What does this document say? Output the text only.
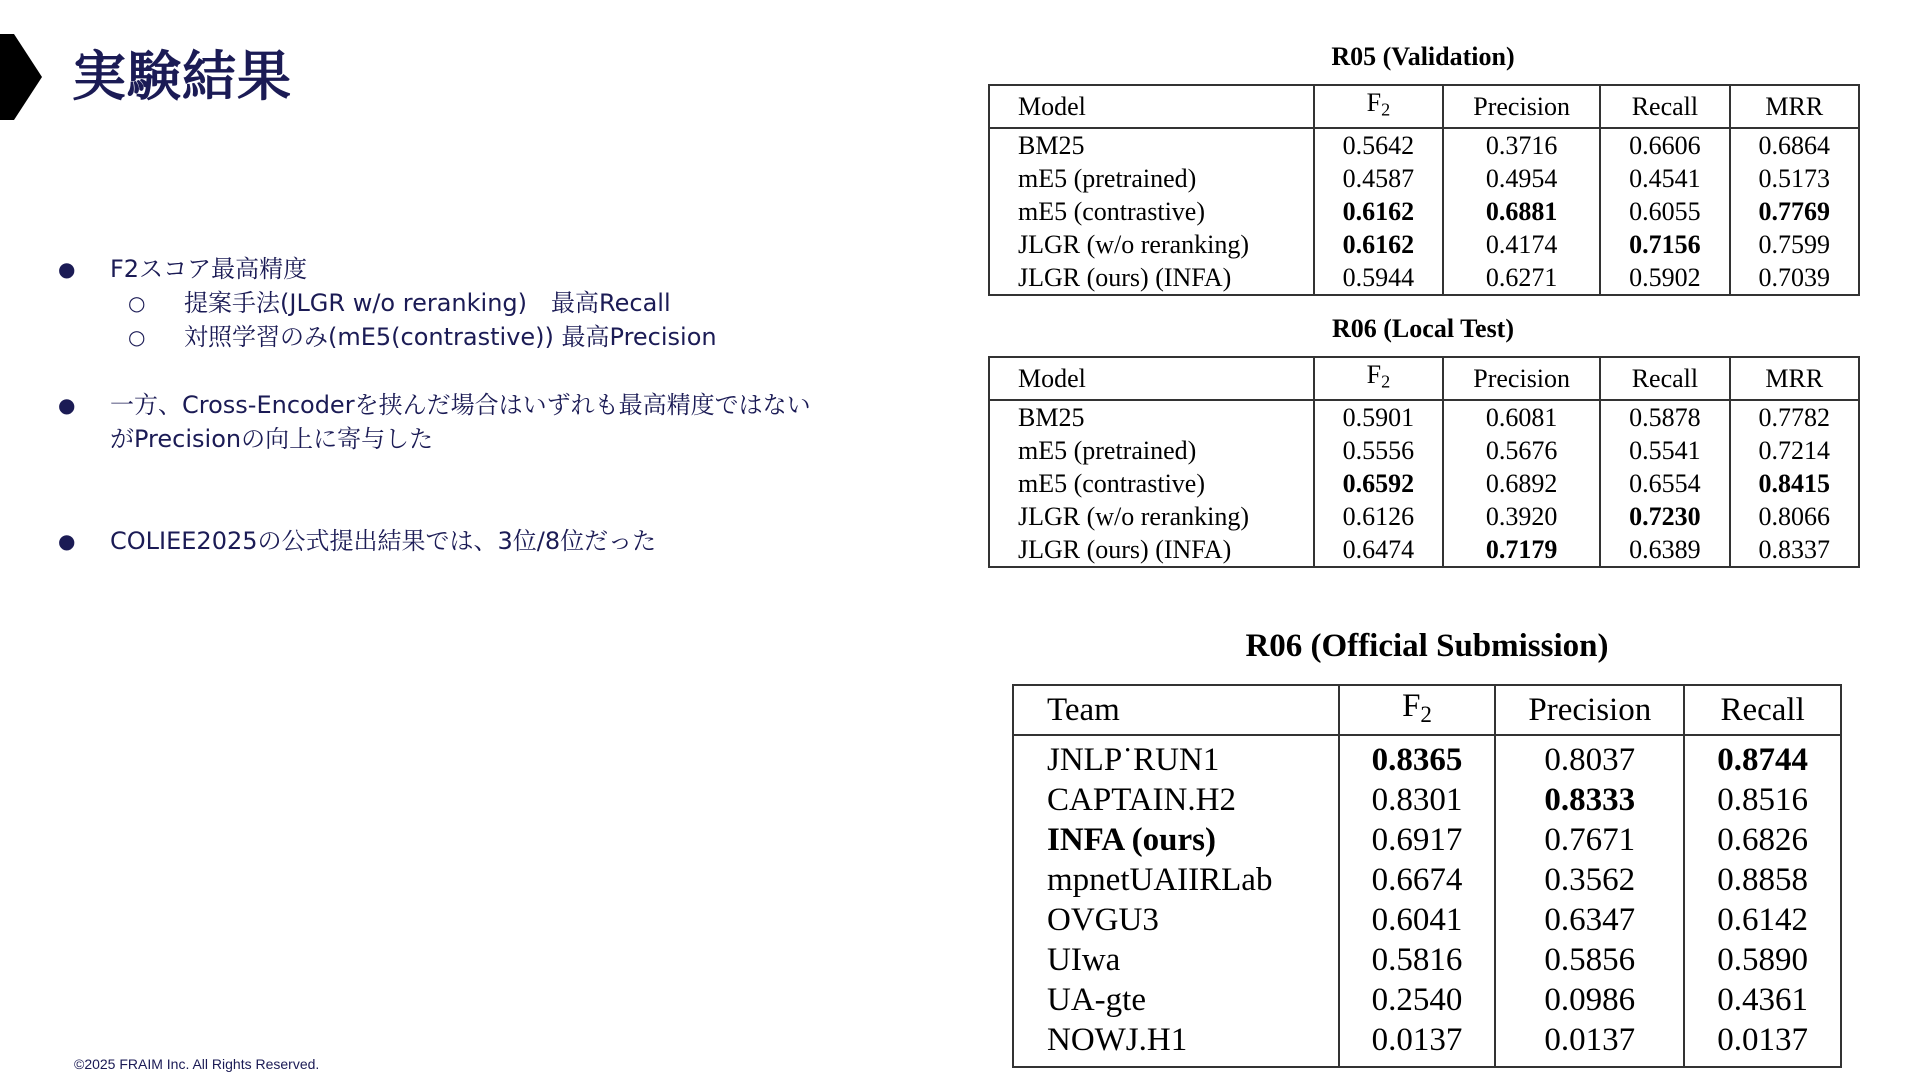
実験結果
● F2スコア最高精度
○ 提案手法(JLGR w/o reranking)　最高Recall
○ 対照学習のみ(mE5(contrastive)) 最高Precision
● 一方、Cross-Encoderを挟んだ場合はいずれも最高精度ではない
がPrecisionの向上に寄与した
● COLIEE2025の公式提出結果では、3位/8位だった
R05 (Validation)
Model	$F_2$	Precision	Recall	MRR
BM25	0.5642	0.3716	0.6606	0.6864
mE5 (pretrained)	0.4587	0.4954	0.4541	0.5173
mE5 (contrastive)	0.6162	0.6881	0.6055	0.7769
JLGR (w/o reranking)	0.6162	0.4174	0.7156	0.7599
JLGR (ours) (INFA)	0.5944	0.6271	0.5902	0.7039
R06 (Local Test)
Model	$F_2$	Precision	Recall	MRR
BM25	0.5901	0.6081	0.5878	0.7782
mE5 (pretrained)	0.5556	0.5676	0.5541	0.7214
mE5 (contrastive)	0.6592	0.6892	0.6554	0.8415
JLGR (w/o reranking)	0.6126	0.3920	0.7230	0.8066
JLGR (ours) (INFA)	0.6474	0.7179	0.6389	0.8337
R06 (Official Submission)
Team	$F_2$	Precision	Recall
JNLP˙RUN1	0.8365	0.8037	0.8744
CAPTAIN.H2	0.8301	0.8333	0.8516
INFA (ours)	0.6917	0.7671	0.6826
mpnetUAIIRLab	0.6674	0.3562	0.8858
OVGU3	0.6041	0.6347	0.6142
UIwa	0.5816	0.5856	0.5890
UA-gte	0.2540	0.0986	0.4361
NOWJ.H1	0.0137	0.0137	0.0137
©2025 FRAIM Inc. All Rights Reserved.
